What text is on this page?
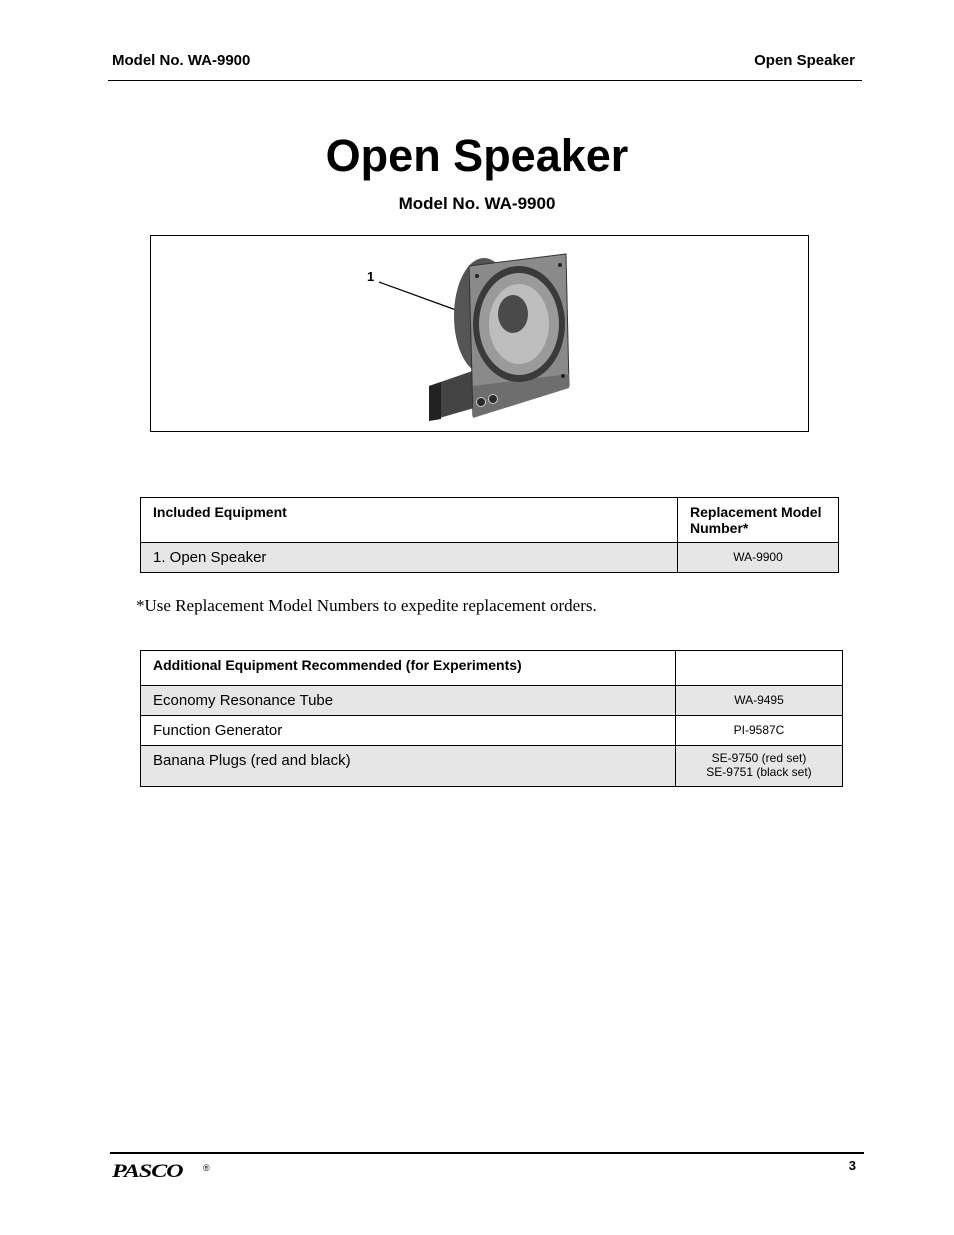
Model No. WA-9900	Open Speaker
Open Speaker
Model No. WA-9900
1
Included Equipment	Replacement Model Number*
1. Open Speaker	WA-9900
*Use Replacement Model Numbers to expedite replacement orders.
Additional Equipment Recommended (for Experiments)	
Economy Resonance Tube	WA-9495
Function Generator	PI-9587C
Banana Plugs (red and black)	SE-9750 (red set)
SE-9751 (black set)
PASCO ®	3
